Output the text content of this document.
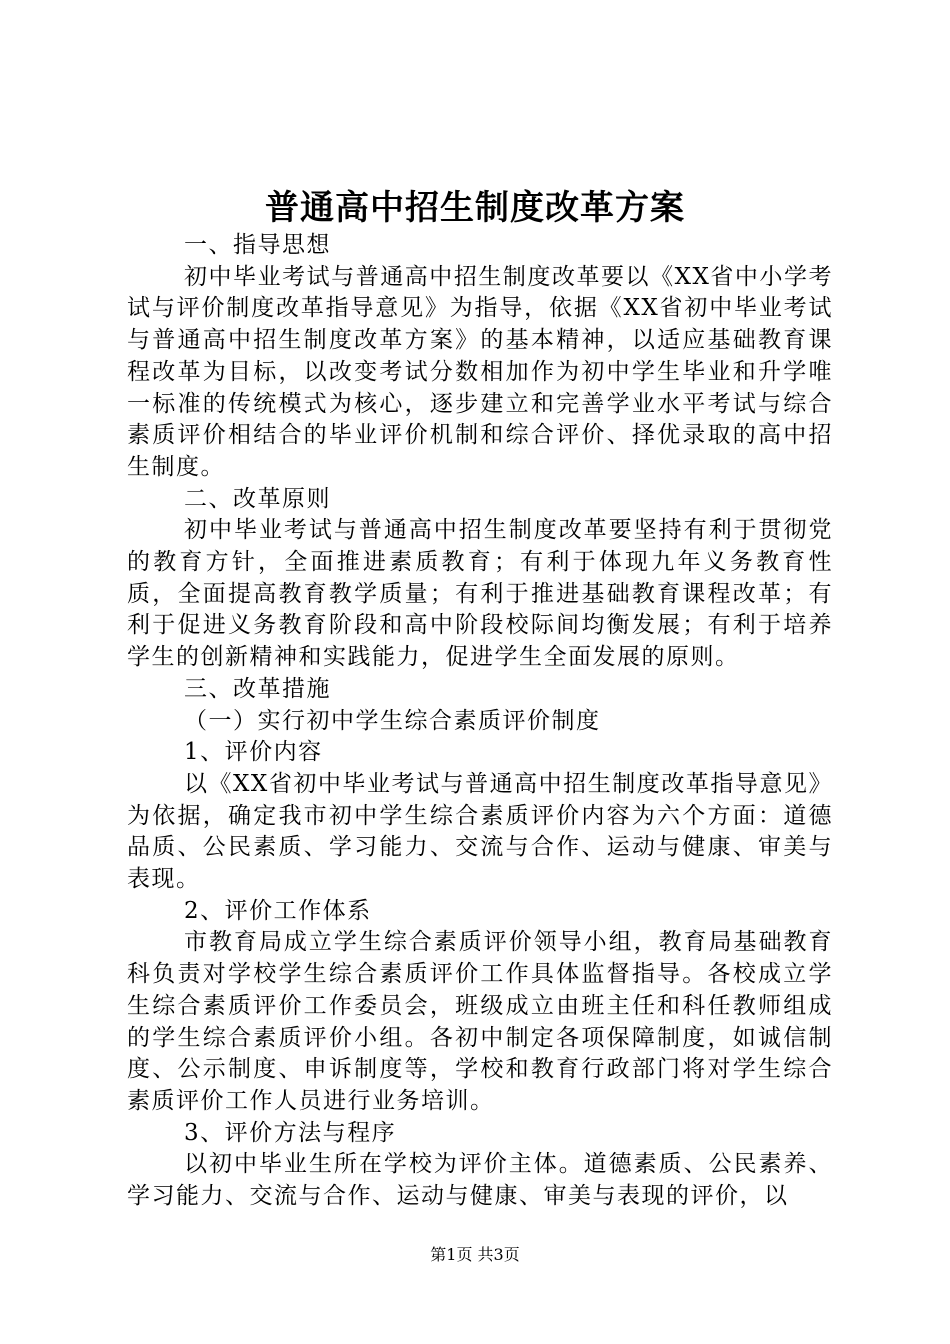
普通高中招生制度改革方案

一、指导思想

初中毕业考试与普通高中招生制度改革要以《XX省中小学考试与评价制度改革指导意见》为指导，依据《XX省初中毕业考试与普通高中招生制度改革方案》的基本精神，以适应基础教育课程改革为目标，以改变考试分数相加作为初中学生毕业和升学唯一标准的传统模式为核心，逐步建立和完善学业水平考试与综合素质评价相结合的毕业评价机制和综合评价、择优录取的高中招生制度。

二、改革原则

初中毕业考试与普通高中招生制度改革要坚持有利于贯彻党的教育方针，全面推进素质教育；有利于体现九年义务教育性质，全面提高教育教学质量；有利于推进基础教育课程改革；有利于促进义务教育阶段和高中阶段校际间均衡发展；有利于培养学生的创新精神和实践能力，促进学生全面发展的原则。

三、改革措施

（一）实行初中学生综合素质评价制度

1、评价内容

以《XX省初中毕业考试与普通高中招生制度改革指导意见》为依据，确定我市初中学生综合素质评价内容为六个方面：道德品质、公民素质、学习能力、交流与合作、运动与健康、审美与表现。

2、评价工作体系

市教育局成立学生综合素质评价领导小组，教育局基础教育科负责对学校学生综合素质评价工作具体监督指导。各校成立学生综合素质评价工作委员会，班级成立由班主任和科任教师组成的学生综合素质评价小组。各初中制定各项保障制度，如诚信制度、公示制度、申诉制度等，学校和教育行政部门将对学生综合素质评价工作人员进行业务培训。

3、评价方法与程序

以初中毕业生所在学校为评价主体。道德素质、公民素养、学习能力、交流与合作、运动与健康、审美与表现的评价，以

第1页 共3页
